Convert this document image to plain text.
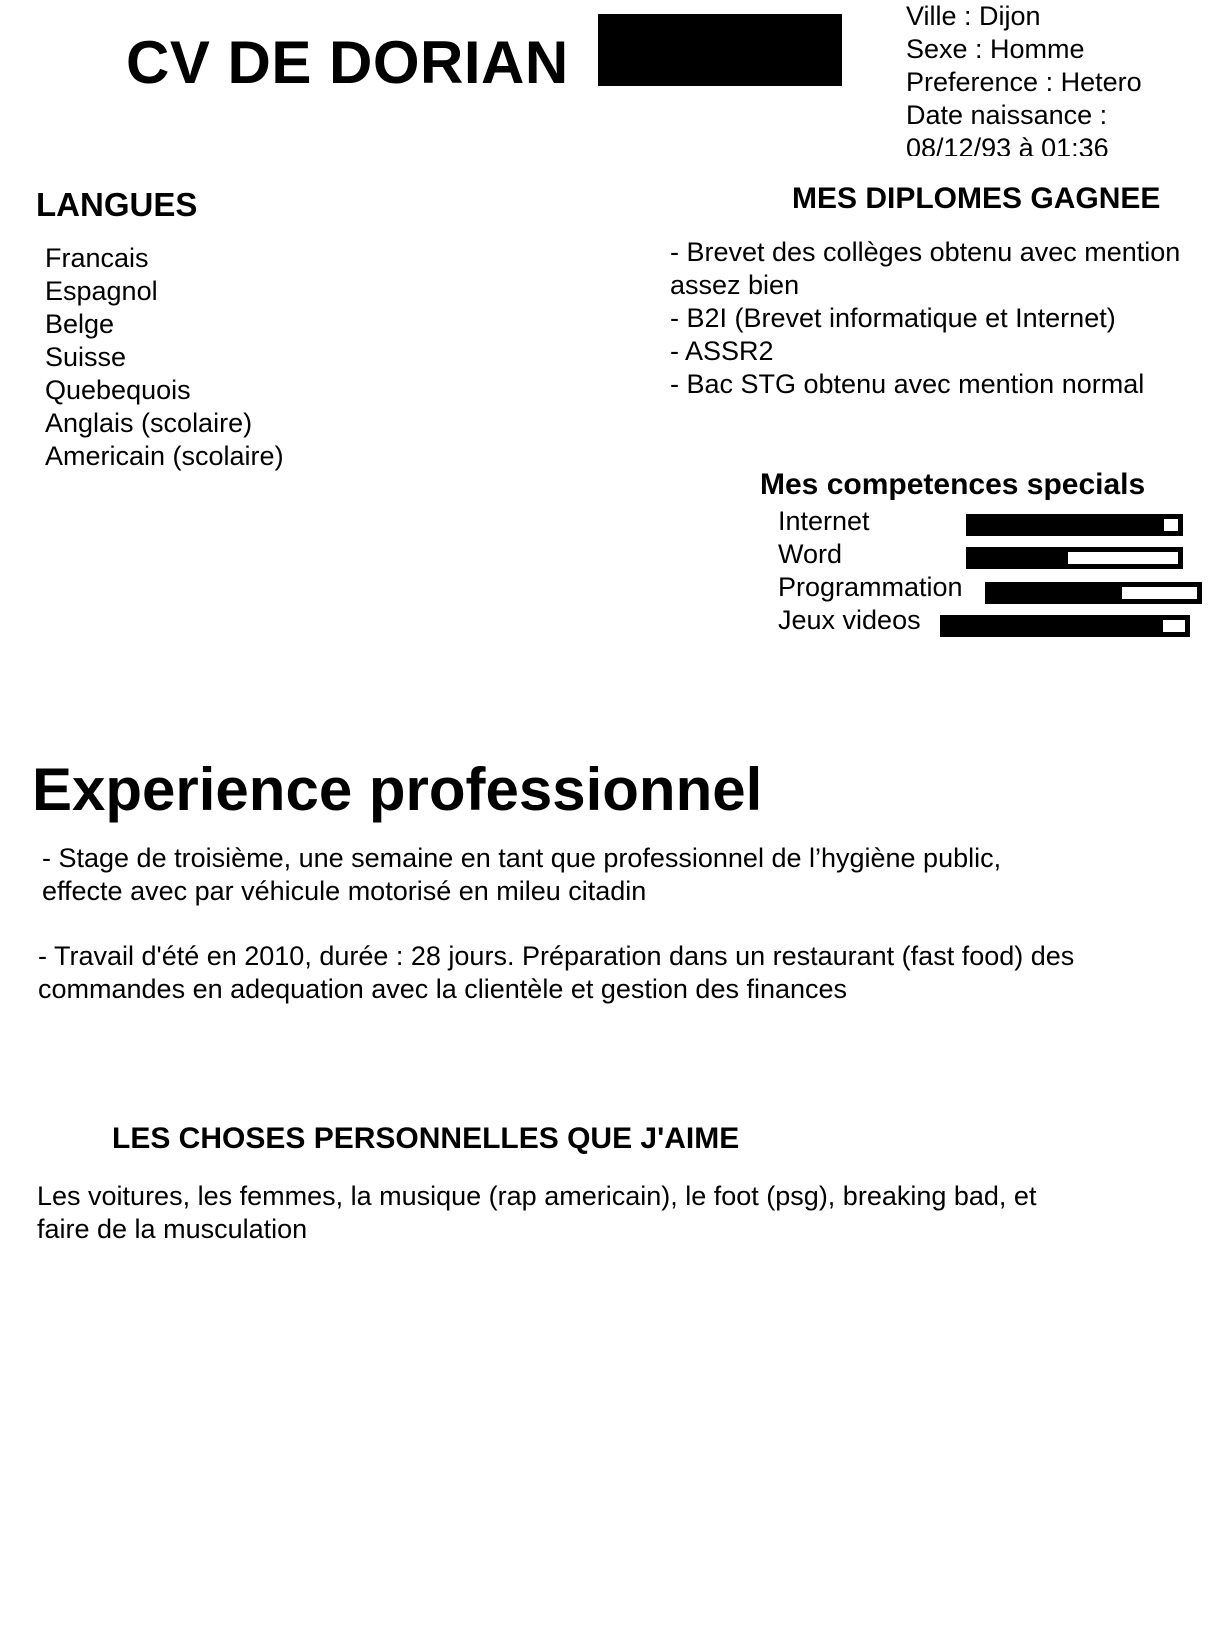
CV DE DORIAN
Ville : Dijon
Sexe : Homme
Preference : Hetero
Date naissance :
08/12/93 à 01:36
LANGUES
Francais
Espagnol
Belge
Suisse
Quebequois
Anglais (scolaire)
Americain (scolaire)
MES DIPLOMES GAGNEE
- Brevet des collèges obtenu avec mention assez bien
- B2I (Brevet informatique et Internet)
- ASSR2
- Bac STG obtenu avec mention normal
Mes competences specials
Internet
Word
Programmation
Jeux videos
Experience professionnel
- Stage de troisième, une semaine en tant que professionnel de l’hygiène public,
effecte avec par véhicule motorisé en mileu citadin
- Travail d'été en 2010, durée : 28 jours. Préparation dans un restaurant (fast food) des commandes en adequation avec la clientèle et gestion des finances
LES CHOSES PERSONNELLES QUE J'AIME
Les voitures, les femmes, la musique (rap americain), le foot (psg), breaking bad, et faire de la musculation
